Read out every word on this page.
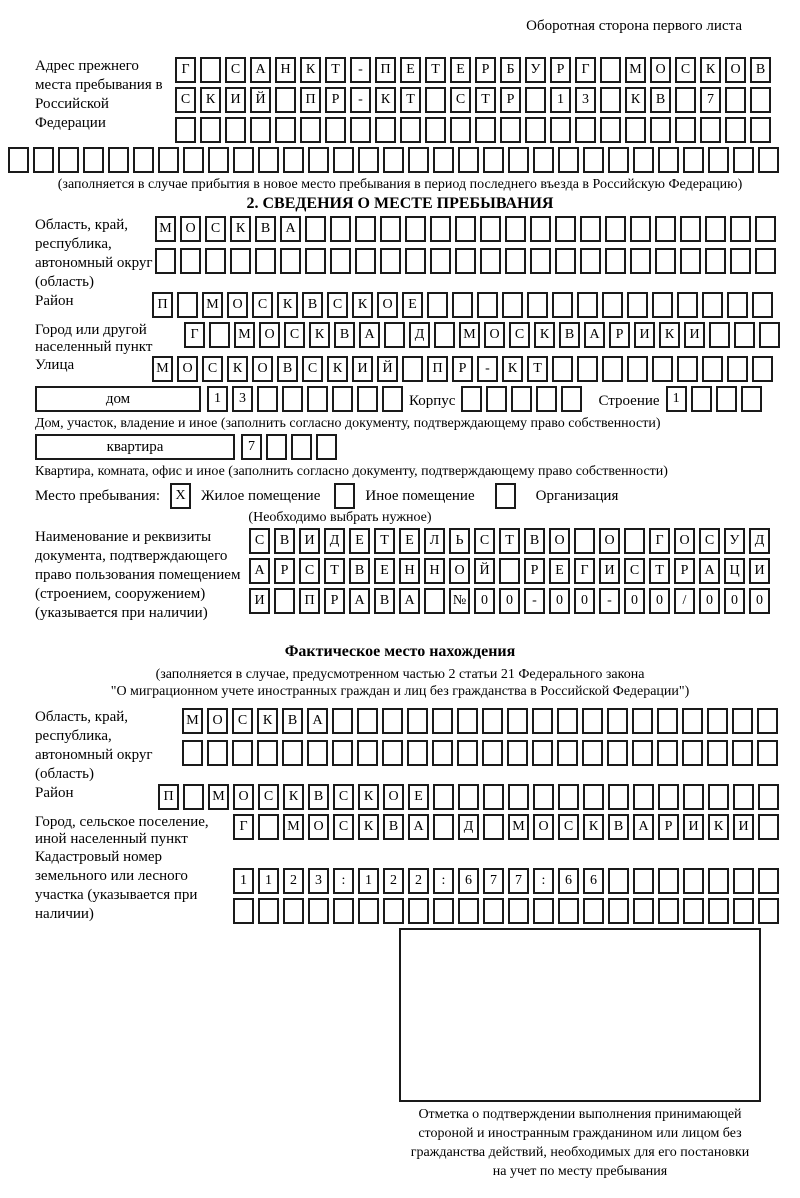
Оборотная сторона первого листа
Адрес прежнего места пребывания в Российской Федерации
Г	С	А	Н	К	Т	-	П	Е	Т	Е	Р	Б	У	Р	Г	М О	С	К	О	В
С	К	И	Й	П	Р	-	К	Т	С	Т	Р	1	3	К	В	7
(заполняется в случае прибытия в новое место пребывания в период последнего въезда в Российскую Федерацию)
2. СВЕДЕНИЯ О МЕСТЕ ПРЕБЫВАНИЯ
Область, край, республика, автономный округ (область)
М О	С	К	В	А
Район	П	М О	С	К	В	С	К	О	Е
Город или другой населенный пункт
Г	М О	С	К	В	А	Д	М О	С	К	В	А	Р	И	К	И
Улица	М О	С	К	О	В	С	К	И	Й	П	Р	-	К	Т
дом	1	3	Корпус	Строение 1
Дом, участок, владение и иное (заполнить согласно документу, подтверждающему право собственности)
квартира	7
Квартира, комната, офис и иное (заполнить согласно документу, подтверждающему право собственности)
Место пребывания:	X	Жилое помещение	Иное помещение	Организация
(Необходимо выбрать нужное)
Наименование и реквизиты документа, подтверждающего право пользования помещением (строением, сооружением) (указывается при наличии)
С	В	И	Д	Е	Т	Е	Л	Ь	С	Т	В	О	О	Г	О	С	У	Д
А	Р	С	Т	В	Е	Н	Н	О	Й	Р	Е	Г	И	С	Т	Р	А	Ц	И
И	П	Р	А	В	А	№	0	0	-	0	0	-	0	0	/	0	0	0
Фактическое место нахождения
(заполняется в случае, предусмотренном частью 2 статьи 21 Федерального закона
"О миграционном учете иностранных граждан и лиц без гражданства в Российской Федерации")
Область, край, республика, автономный округ (область)
М О	С	К	В	А
Район	П	М О	С	К	В	С	К	О	Е
Город, сельское поселение, иной населенный пункт
Г	М О	С	К	В	А	Д	М О	С	К	В	А	Р	И	К	И
Кадастровый номер земельного или лесного участка (указывается при наличии)
1	1	2	3	:	1	2	2	:	6	7	7	:	6	6
Отметка о подтверждении выполнения принимающей
стороной и иностранным гражданином или лицом без
гражданства действий, необходимых для его постановки
на учет по месту пребывания
